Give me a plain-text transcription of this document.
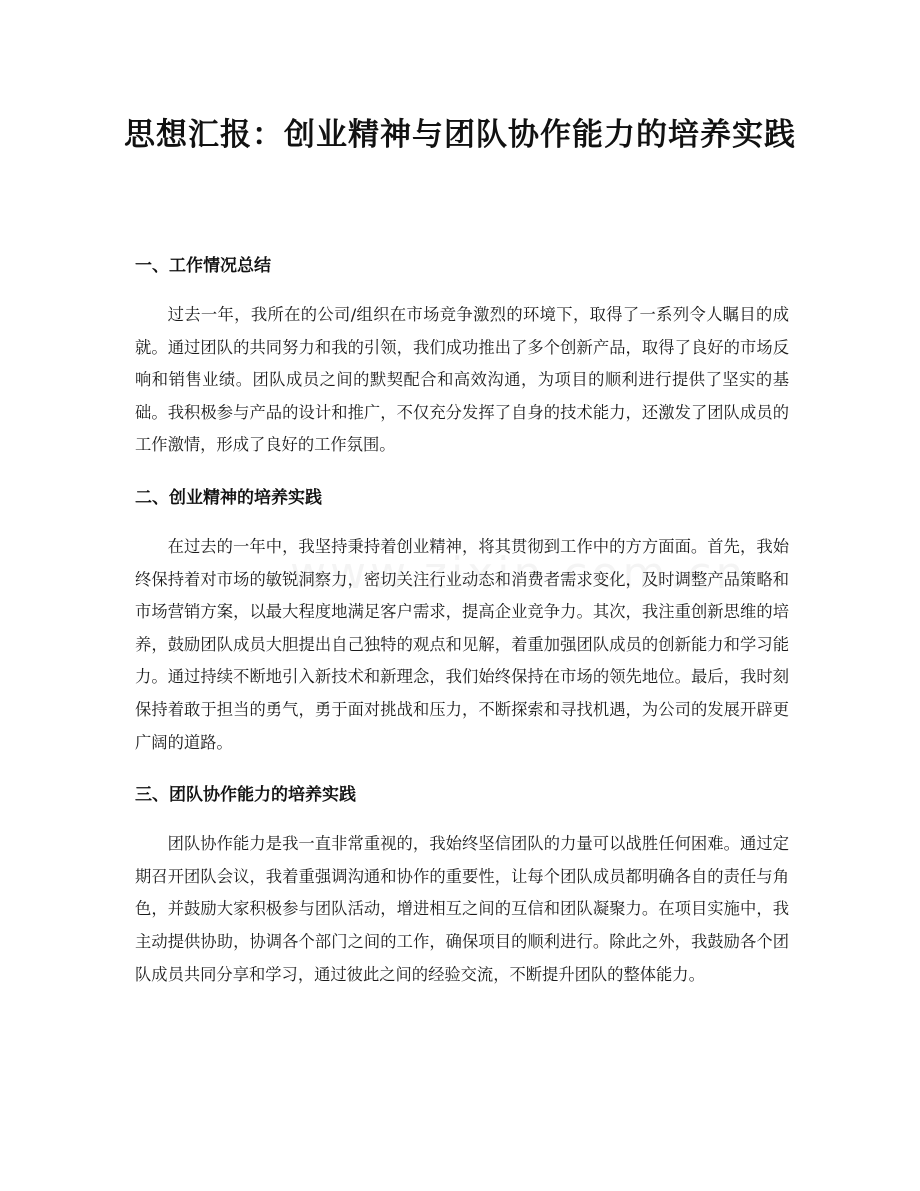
思想汇报：创业精神与团队协作能力的培养实践
一、工作情况总结

过去一年，我所在的公司/组织在市场竞争激烈的环境下，取得了一系列令人瞩目的成就。通过团队的共同努力和我的引领，我们成功推出了多个创新产品，取得了良好的市场反响和销售业绩。团队成员之间的默契配合和高效沟通，为项目的顺利进行提供了坚实的基础。我积极参与产品的设计和推广，不仅充分发挥了自身的技术能力，还激发了团队成员的工作激情，形成了良好的工作氛围。

二、创业精神的培养实践

在过去的一年中，我坚持秉持着创业精神，将其贯彻到工作中的方方面面。首先，我始终保持着对市场的敏锐洞察力，密切关注行业动态和消费者需求变化，及时调整产品策略和市场营销方案，以最大程度地满足客户需求，提高企业竞争力。其次，我注重创新思维的培养，鼓励团队成员大胆提出自己独特的观点和见解，着重加强团队成员的创新能力和学习能力。通过持续不断地引入新技术和新理念，我们始终保持在市场的领先地位。最后，我时刻保持着敢于担当的勇气，勇于面对挑战和压力，不断探索和寻找机遇，为公司的发展开辟更广阔的道路。

三、团队协作能力的培养实践

团队协作能力是我一直非常重视的，我始终坚信团队的力量可以战胜任何困难。通过定期召开团队会议，我着重强调沟通和协作的重要性，让每个团队成员都明确各自的责任与角色，并鼓励大家积极参与团队活动，增进相互之间的互信和团队凝聚力。在项目实施中，我主动提供协助，协调各个部门之间的工作，确保项目的顺利进行。除此之外，我鼓励各个团队成员共同分享和学习，通过彼此之间的经验交流，不断提升团队的整体能力。
